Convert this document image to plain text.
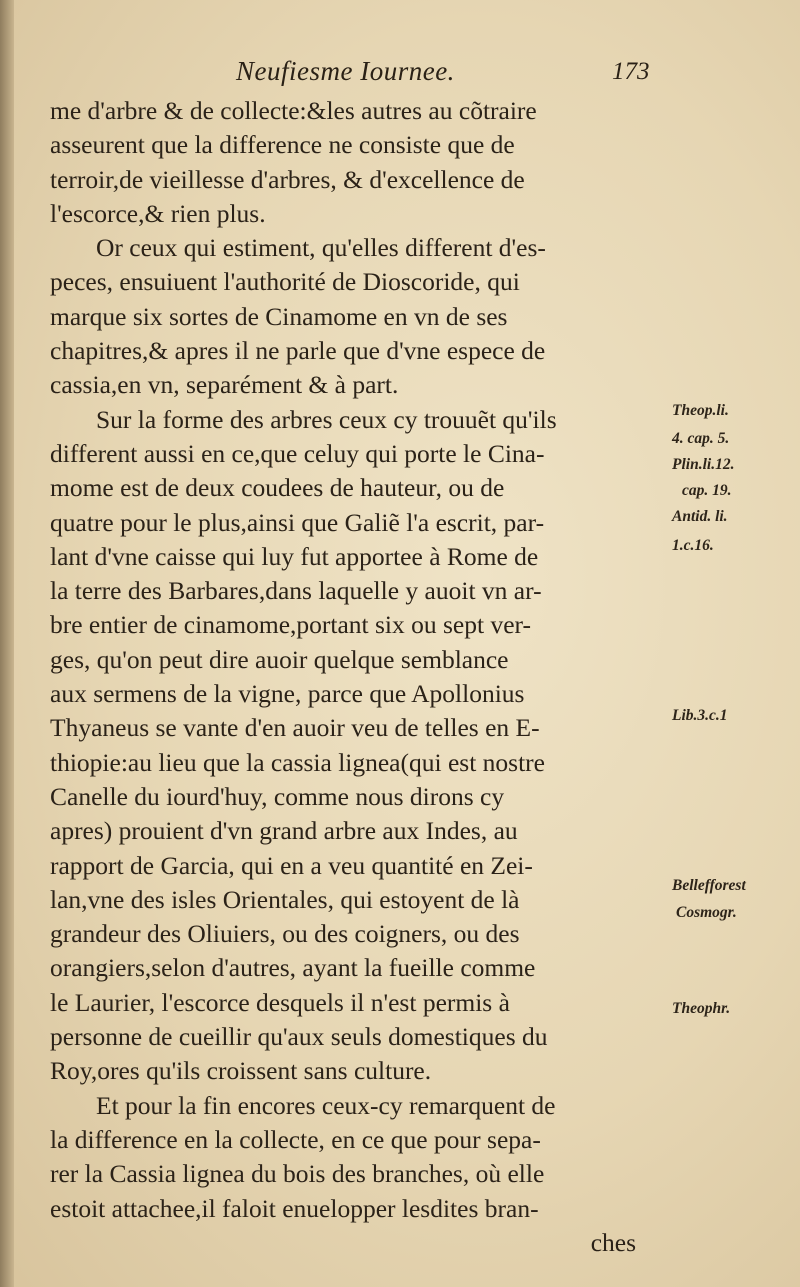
Neufiesme Iournee.	173
me d'arbre & de collecte:&les autres au cõtraire
asseurent que la difference ne consiste que de
terroir,de vieillesse d'arbres, & d'excellence de
l'escorce,& rien plus.
Or ceux qui estiment, qu'elles different d'es-
peces, ensuiuent l'authorité de Dioscoride, qui
marque six sortes de Cinamome en vn de ses
chapitres,& apres il ne parle que d'vne espece de
cassia,en vn, separément & à part.
Sur la forme des arbres ceux cy trouuẽt qu'ils
different aussi en ce,que celuy qui porte le Cina-
mome est de deux coudees de hauteur, ou de
quatre pour le plus,ainsi que Galiẽ l'a escrit, par-
lant d'vne caisse qui luy fut apportee à Rome de
la terre des Barbares,dans laquelle y auoit vn ar-
bre entier de cinamome,portant six ou sept ver-
ges, qu'on peut dire auoir quelque semblance
aux sermens de la vigne, parce que Apollonius
Thyaneus se vante d'en auoir veu de telles en E-
thiopie:au lieu que la cassia lignea(qui est nostre
Canelle du iourd'huy, comme nous dirons cy
apres) prouient d'vn grand arbre aux Indes, au
rapport de Garcia, qui en a veu quantité en Zei-
lan,vne des isles Orientales, qui estoyent de là
grandeur des Oliuiers, ou des coigners, ou des
orangiers,selon d'autres, ayant la fueille comme
le Laurier, l'escorce desquels il n'est permis à
personne de cueillir qu'aux seuls domestiques du
Roy,ores qu'ils croissent sans culture.
Et pour la fin encores ceux-cy remarquent de
la difference en la collecte, en ce que pour sepa-
rer la Cassia lignea du bois des branches, où elle
estoit attachee,il faloit enuelopper lesdites bran-
ches
Theop.li.
4. cap. 5.
Plin.li.12.
cap. 19.
Antid. li.
1.c.16.
Lib.3.c.1
Bellefforest
Cosmogr.
Theophr.
